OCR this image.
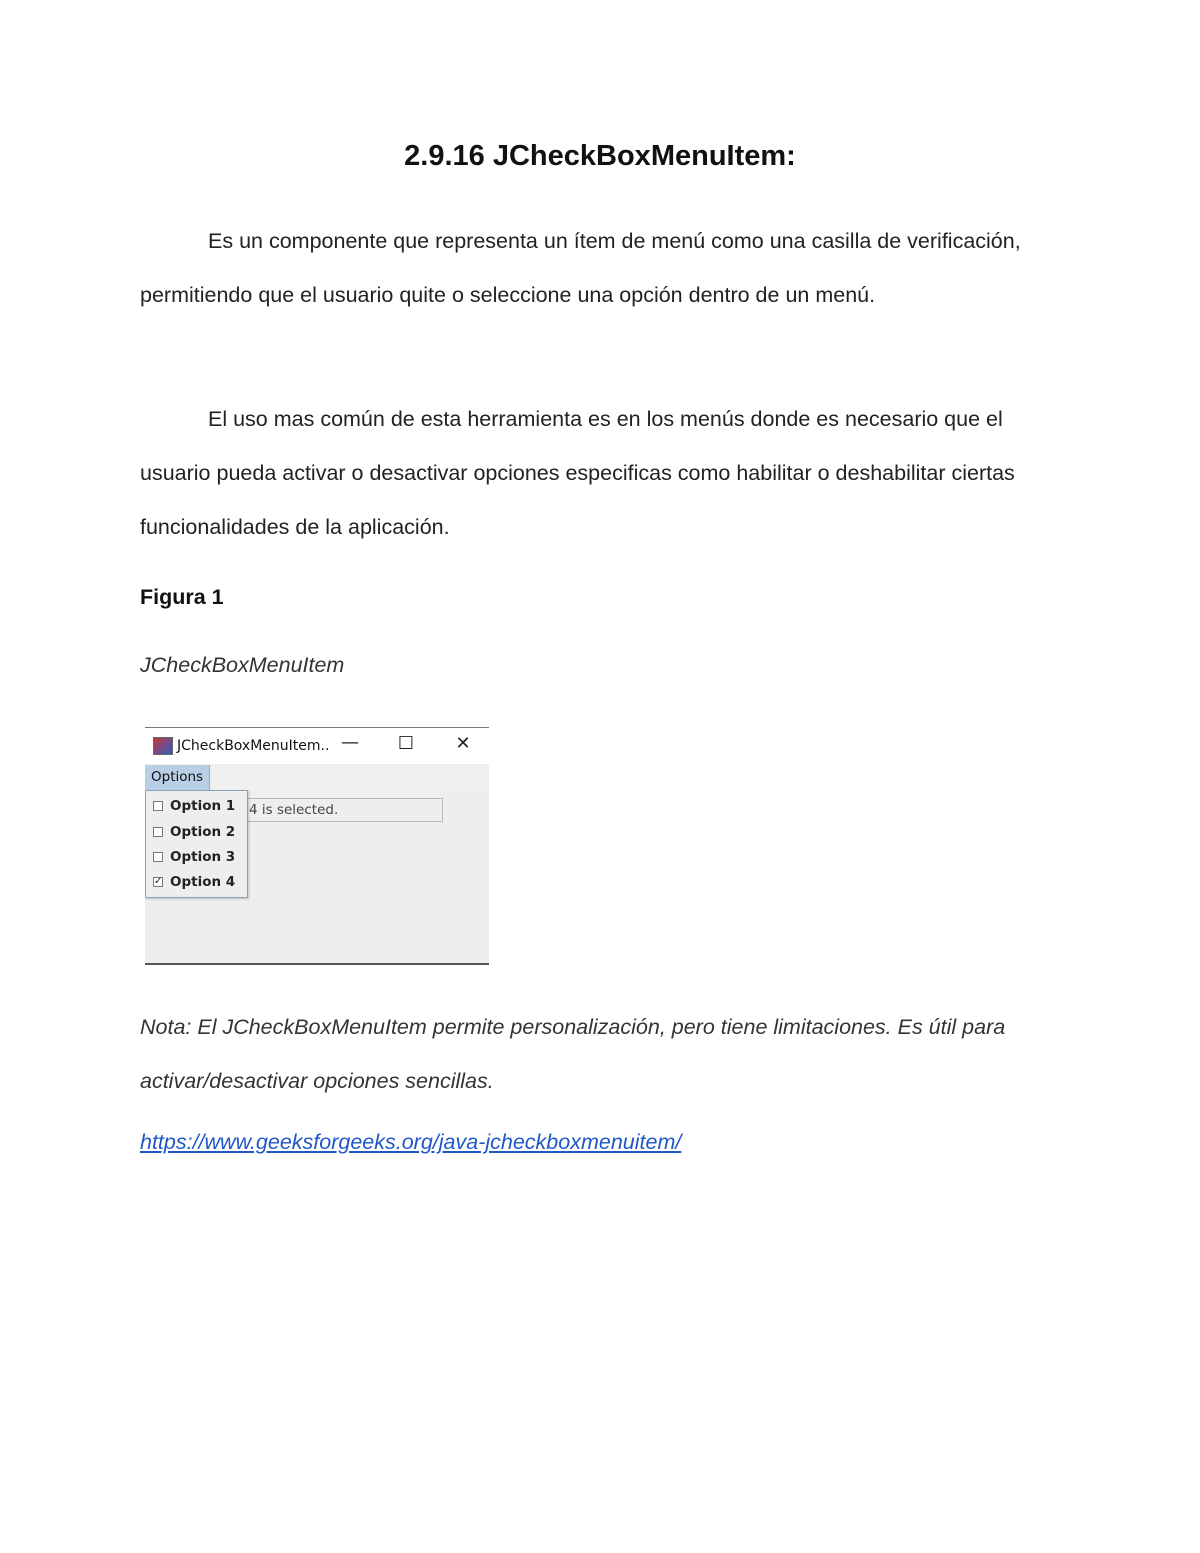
2.9.16 JCheckBoxMenuItem:

Es un componente que representa un ítem de menú como una casilla de verificación, permitiendo que el usuario quite o seleccione una opción dentro de un menú.

El uso mas común de esta herramienta es en los menús donde es necesario que el usuario pueda activar o desactivar opciones especificas como habilitar o deshabilitar ciertas funcionalidades de la aplicación.

Figura 1
JCheckBoxMenuItem
JCheckBoxMenuItem.. —	☐	✕
Options
4 is selected.
Option 1
Option 2
Option 3
✓ Option 4

Nota: El JCheckBoxMenuItem permite personalización, pero tiene limitaciones. Es útil para activar/desactivar opciones sencillas.

https://www.geeksforgeeks.org/java-jcheckboxmenuitem/
